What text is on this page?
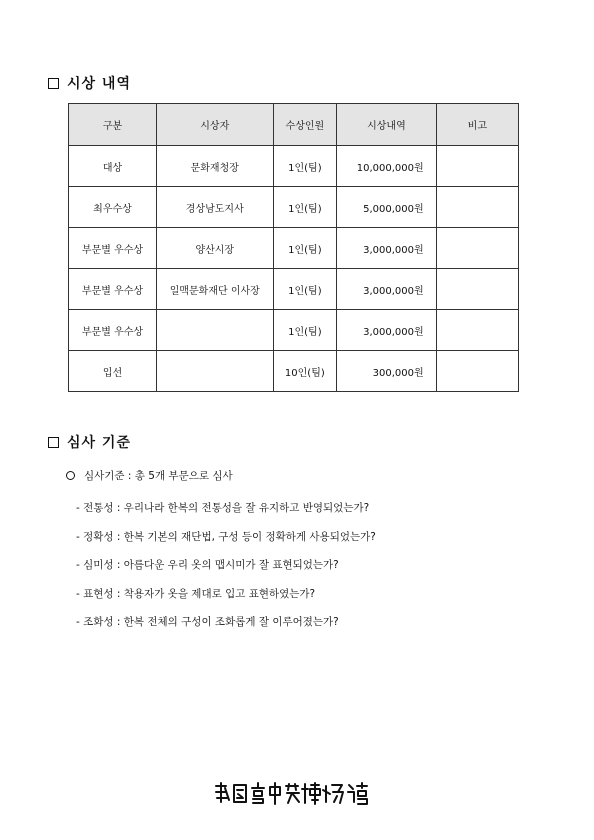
시상 내역
구분	시상자	수상인원	시상내역	비고
대상	문화재청장	1인(팀)	10,000,000원	
최우수상	경상남도지사	1인(팀)	5,000,000원	
부문별 우수상	양산시장	1인(팀)	3,000,000원	
부문별 우수상	일맥문화재단 이사장	1인(팀)	3,000,000원	
부문별 우수상		1인(팀)	3,000,000원	
입선		10인(팀)	300,000원	
심사 기준
심사기준 : 총 5개 부문으로 심사
- 전통성 : 우리나라 한복의 전통성을 잘 유지하고 반영되었는가?
- 정확성 : 한복 기본의 재단법, 구성 등이 정확하게 사용되었는가?
- 심미성 : 아름다운 우리 옷의 맵시미가 잘 표현되었는가?
- 표현성 : 착용자가 옷을 제대로 입고 표현하였는가?
- 조화성 : 한복 전체의 구성이 조화롭게 잘 이루어졌는가?
